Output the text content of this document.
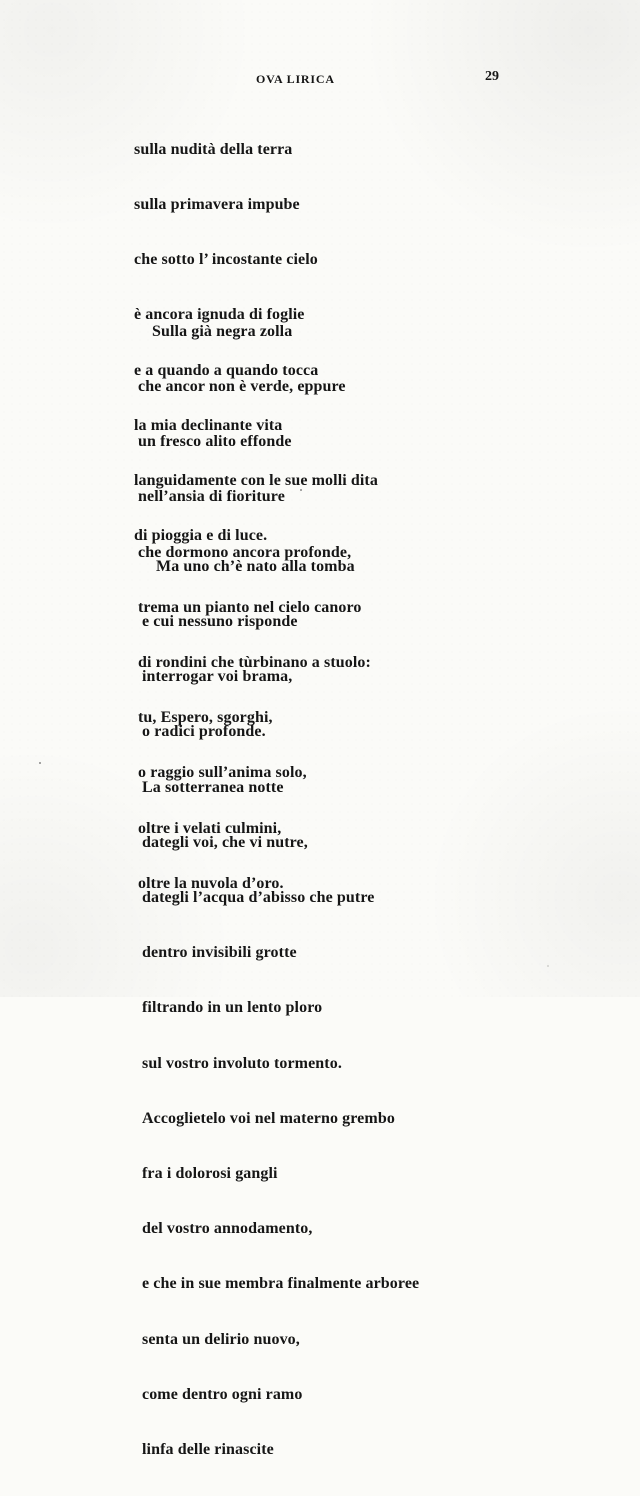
OVA LIRICA	29

sulla nudità della terra

sulla primavera impube

che sotto l’ incostante cielo

è ancora ignuda di foglie

e a quando a quando tocca

la mia declinante vita

languidamente con le sue molli dita

di pioggia e di luce.

Sulla già negra zolla

che ancor non è verde, eppure

un fresco alito effonde

nell’ansia di fioriture

che dormono ancora profonde,

trema un pianto nel cielo canoro

di rondini che tùrbinano a stuolo:

tu, Espero, sgorghi,

o raggio sull’anima solo,

oltre i velati culmini,

oltre la nuvola d’oro.

Ma uno ch’è nato alla tomba

e cui nessuno risponde

interrogar voi brama,

o radici profonde.

La sotterranea notte

dategli voi, che vi nutre,

dategli l’acqua d’abisso che putre

dentro invisibili grotte

filtrando in un lento ploro

sul vostro involuto tormento.

Accoglietelo voi nel materno grembo

fra i dolorosi gangli

del vostro annodamento,

e che in sue membra finalmente arboree

senta un delirio nuovo,

come dentro ogni ramo

linfa delle rinascite
